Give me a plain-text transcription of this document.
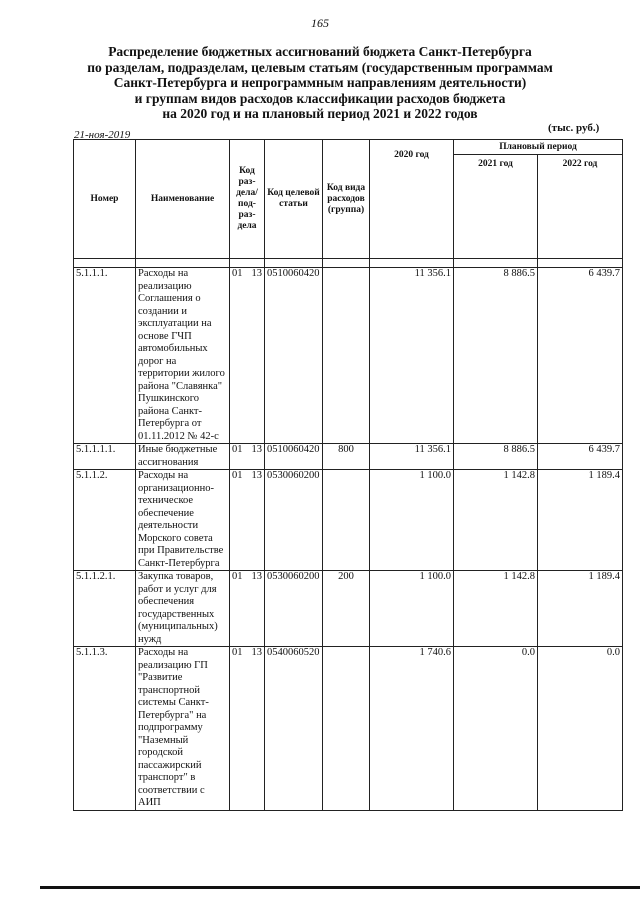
165
Распределение бюджетных ассигнований бюджета Санкт-Петербурга
по разделам, подразделам, целевым статьям (государственным программам
Санкт-Петербурга и непрограммным направлениям деятельности)
и группам видов расходов классификации расходов бюджета
на 2020 год и на плановый период 2021 и 2022 годов
21-ноя-2019
(тыс. руб.)
Номер	Наименование	Код раз-дела/ под-раз-дела	Код целевой статьи	Код вида расходов (группа)	2020 год	Плановый период	
						2021 год	2022 год

5.1.1.1.	Расходы на реализацию Соглашения о создании и эксплуатации на основе ГЧП автомобильных дорог на территории жилого района "Славянка" Пушкинского района Санкт-Петербурга от 01.11.2012 № 42-с	01 13	0510060420		11 356.1	8 886.5	6 439.7
5.1.1.1.1.	Иные бюджетные ассигнования	01 13	0510060420	800	11 356.1	8 886.5	6 439.7
5.1.1.2.	Расходы на организационно-техническое обеспечение деятельности Морского совета при Правительстве Санкт-Петербурга	01 13	0530060200		1 100.0	1 142.8	1 189.4
5.1.1.2.1.	Закупка товаров, работ и услуг для обеспечения государственных (муниципальных) нужд	01 13	0530060200	200	1 100.0	1 142.8	1 189.4
5.1.1.3.	Расходы на реализацию ГП "Развитие транспортной системы Санкт-Петербурга" на подпрограмму "Наземный городской пассажирский транспорт" в соответствии с АИП	01 13	0540060520		1 740.6	0.0	0.0
